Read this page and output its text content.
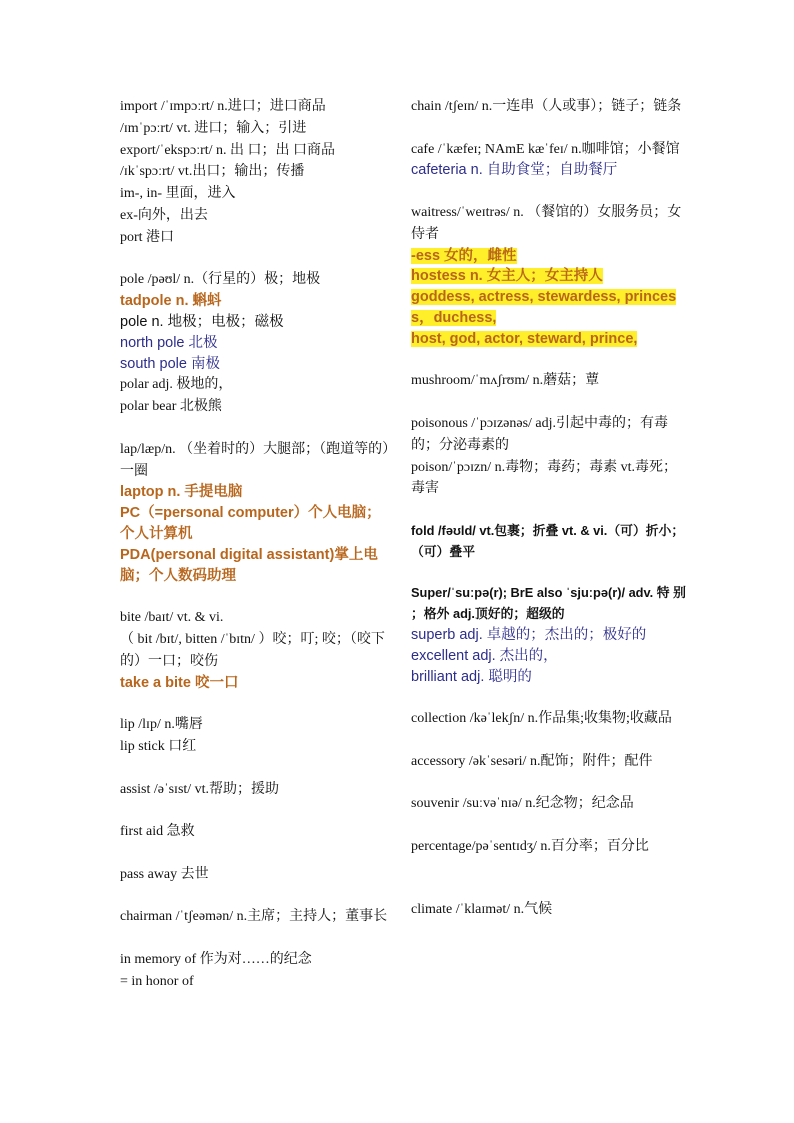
import /ˈɪmpɔːrt/ n.进口；进口商品
/ɪmˈpɔːrt/ vt. 进口；输入；引进
export/ˈekspɔːrt/ n. 出 口；出 口商品
/ɪkˈspɔːrt/ vt.出口；输出；传播
im-, in- 里面，进入
ex-向外，出去
port 港口
pole /pəʊl/ n.（行星的）极；地极
tadpole n. 蝌蚪
pole n. 地极；电极；磁极
north pole 北极
south pole 南极
polar adj. 极地的，
polar bear 北极熊
lap/læp/n. （坐着时的）大腿部；（跑道等的）一圈
laptop n. 手提电脑
PC（=personal computer）个人电脑；个人计算机
PDA(personal digital assistant)掌上电脑；个人数码助理
bite /baɪt/ vt. & vi.
（ bit /bɪt/, bitten /ˈbɪtn/ ）咬；叮; 咬；（咬下的）一口；咬伤
take a bite 咬一口
lip /lɪp/ n.嘴唇
lip stick 口红
assist /əˈsɪst/ vt.帮助；援助
first aid 急救
pass away 去世
chairman /ˈtʃeəmən/ n.主席；主持人；董事长
in memory of 作为对……的纪念
= in honor of
chain /tʃeɪn/ n.一连串（人或事）；链子；链条
cafe /ˈkæfeɪ; NAmE kæˈfeɪ/ n.咖啡馆；小餐馆
cafeteria n. 自助食堂；自助餐厅
waitress/ˈweɪtrəs/ n. （餐馆的）女服务员；女侍者
-ess 女的，雌性
hostess n. 女主人；女主持人
goddess, actress, stewardess, princess，duchess,
host, god, actor, steward, prince,
mushroom/ˈmʌʃrʊm/ n.蘑菇；蕈
poisonous /ˈpɔɪzənəs/ adj.引起中毒的；有毒的；分泌毒素的
poison/ˈpɔɪzn/ n.毒物；毒药；毒素 vt.毒死；毒害
fold /fəʊld/ vt.包裹；折叠 vt. & vi.（可）折小；（可）叠平
Super/ˈsuːpə(r); BrE also ˈsjuːpə(r)/ adv. 特 别 ；格外 adj.顶好的；超级的
superb adj. 卓越的；杰出的；极好的
excellent adj. 杰出的，
brilliant adj. 聪明的
collection /kəˈlekʃn/ n.作品集;收集物;收藏品
accessory /əkˈsesəri/ n.配饰；附件；配件
souvenir /suːvəˈnɪə/ n.纪念物；纪念品
percentage/pəˈsentɪdʒ/ n.百分率；百分比
climate /ˈklaɪmət/ n.气候
